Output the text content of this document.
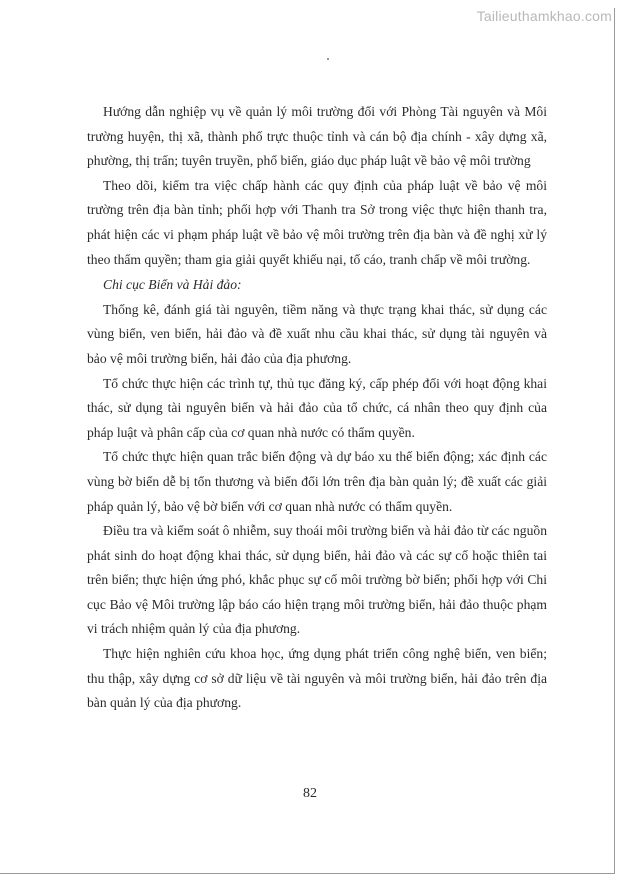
Tailieuthamkhao.com

Hướng dẫn nghiệp vụ về quản lý môi trường đối với Phòng Tài nguyên và Môi trường huyện, thị xã, thành phố trực thuộc tỉnh và cán bộ địa chính - xây dựng xã, phường, thị trấn; tuyên truyền, phổ biến, giáo dục pháp luật về bảo vệ môi trường

Theo dõi, kiểm tra việc chấp hành các quy định của pháp luật về bảo vệ môi trường trên địa bàn tỉnh; phối hợp với Thanh tra Sở trong việc thực hiện thanh tra, phát hiện các vi phạm pháp luật về bảo vệ môi trường trên địa bàn và đề nghị xử lý theo thẩm quyền; tham gia giải quyết khiếu nại, tố cáo, tranh chấp về môi trường.

Chi cục Biển và Hải đảo:

Thống kê, đánh giá tài nguyên, tiềm năng và thực trạng khai thác, sử dụng các vùng biển, ven biển, hải đảo và đề xuất nhu cầu khai thác, sử dụng tài nguyên và bảo vệ môi trường biển, hải đảo của địa phương.

Tổ chức thực hiện các trình tự, thủ tục đăng ký, cấp phép đối với hoạt động khai thác, sử dụng tài nguyên biển và hải đảo của tổ chức, cá nhân theo quy định của pháp luật và phân cấp của cơ quan nhà nước có thẩm quyền.

Tổ chức thực hiện quan trắc biến động và dự báo xu thế biến động; xác định các vùng bờ biển dễ bị tổn thương và biến đổi lớn trên địa bàn quản lý; đề xuất các giải pháp quản lý, bảo vệ bờ biển với cơ quan nhà nước có thẩm quyền.

Điều tra và kiểm soát ô nhiễm, suy thoái môi trường biển và hải đảo từ các nguồn phát sinh do hoạt động khai thác, sử dụng biển, hải đảo và các sự cố hoặc thiên tai trên biển; thực hiện ứng phó, khắc phục sự cố môi trường bờ biển; phối hợp với Chi cục Bảo vệ Môi trường lập báo cáo hiện trạng môi trường biển, hải đảo thuộc phạm vi trách nhiệm quản lý của địa phương.

Thực hiện nghiên cứu khoa học, ứng dụng phát triển công nghệ biển, ven biển; thu thập, xây dựng cơ sở dữ liệu về tài nguyên và môi trường biển, hải đảo trên địa bàn quản lý của địa phương.

82
